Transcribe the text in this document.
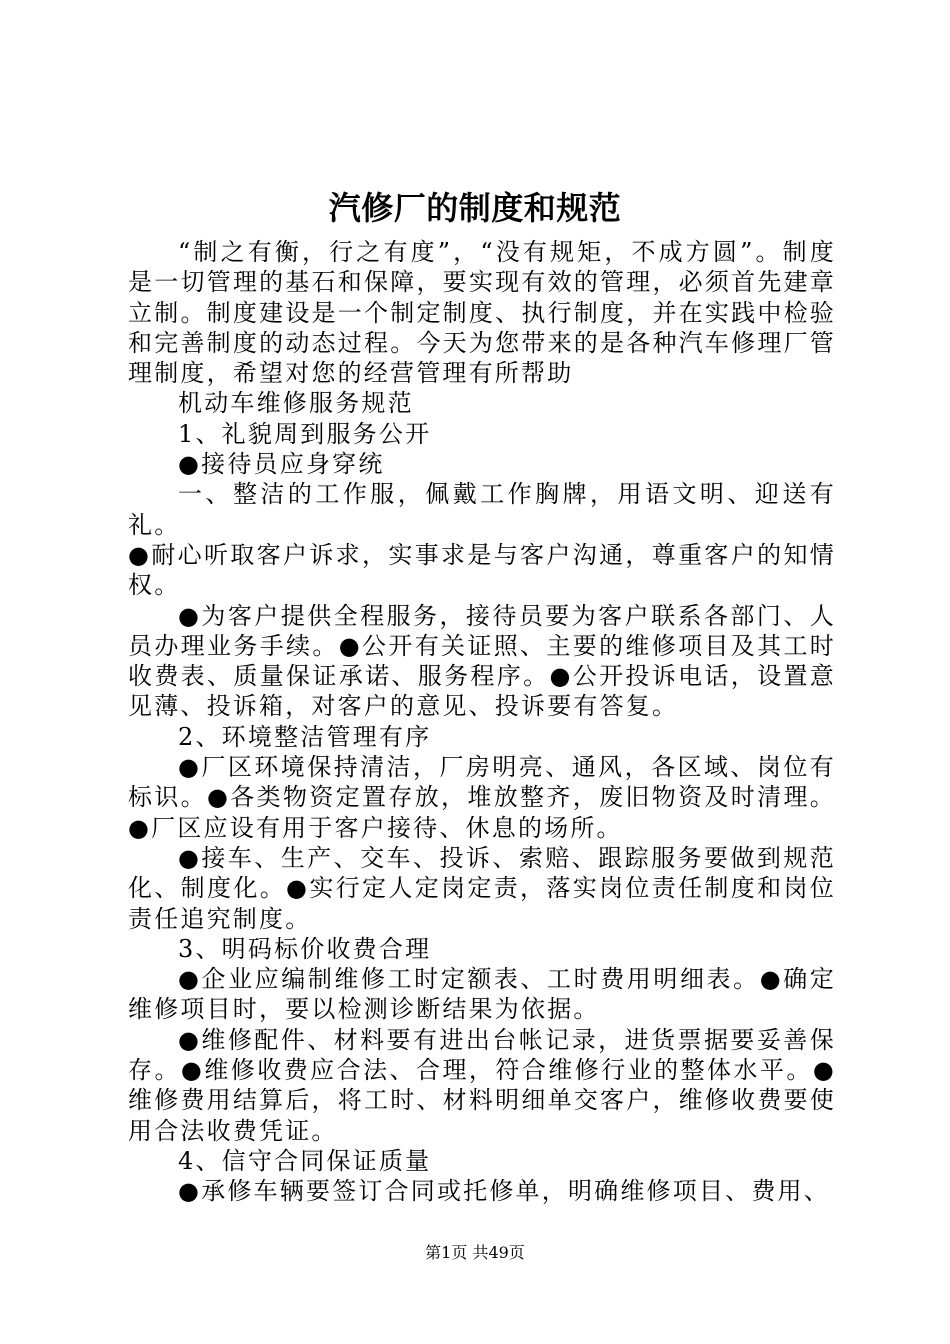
汽修厂的制度和规范

“制之有衡，行之有度”，“没有规矩，不成方圆”。制度是一切管理的基石和保障，要实现有效的管理，必须首先建章立制。制度建设是一个制定制度、执行制度，并在实践中检验和完善制度的动态过程。今天为您带来的是各种汽车修理厂管理制度，希望对您的经营管理有所帮助

机动车维修服务规范

1、礼貌周到服务公开

●接待员应身穿统

一、整洁的工作服，佩戴工作胸牌，用语文明、迎送有礼。

●耐心听取客户诉求，实事求是与客户沟通，尊重客户的知情权。

●为客户提供全程服务，接待员要为客户联系各部门、人员办理业务手续。●公开有关证照、主要的维修项目及其工时收费表、质量保证承诺、服务程序。●公开投诉电话，设置意见薄、投诉箱，对客户的意见、投诉要有答复。

2、环境整洁管理有序

●厂区环境保持清洁，厂房明亮、通风，各区域、岗位有标识。●各类物资定置存放，堆放整齐，废旧物资及时清理。●厂区应设有用于客户接待、休息的场所。

●接车、生产、交车、投诉、索赔、跟踪服务要做到规范化、制度化。●实行定人定岗定责，落实岗位责任制度和岗位责任追究制度。

3、明码标价收费合理

●企业应编制维修工时定额表、工时费用明细表。●确定维修项目时，要以检测诊断结果为依据。

●维修配件、材料要有进出台帐记录，进货票据要妥善保存。●维修收费应合法、合理，符合维修行业的整体水平。●维修费用结算后，将工时、材料明细单交客户，维修收费要使用合法收费凭证。

4、信守合同保证质量

●承修车辆要签订合同或托修单，明确维修项目、费用、

第1页 共49页
